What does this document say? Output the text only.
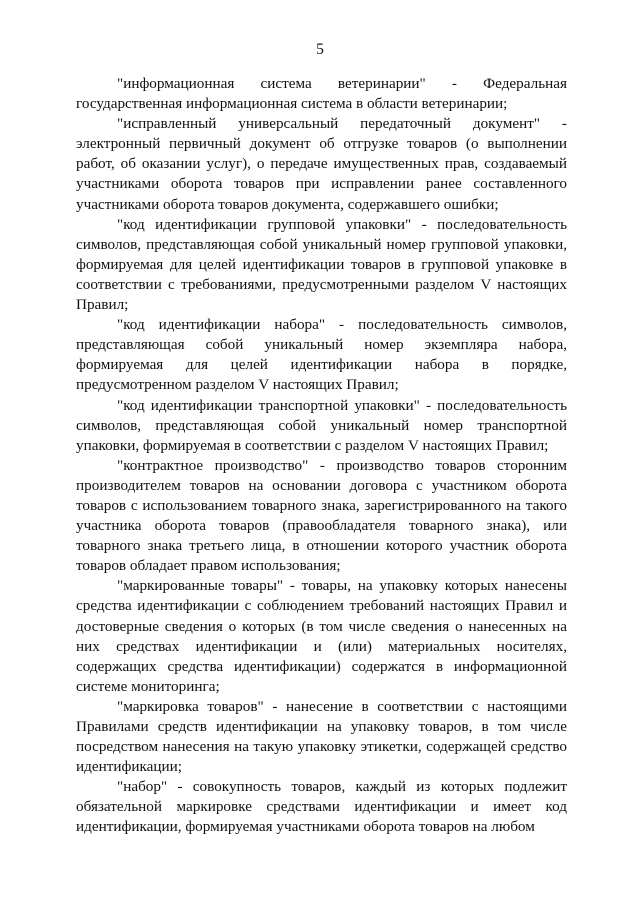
5

"информационная система ветеринарии" - Федеральная государственная информационная система в области ветеринарии;

"исправленный универсальный передаточный документ" - электронный первичный документ об отгрузке товаров (о выполнении работ, об оказании услуг), о передаче имущественных прав, создаваемый участниками оборота товаров при исправлении ранее составленного участниками оборота товаров документа, содержавшего ошибки;

"код идентификации групповой упаковки" - последовательность символов, представляющая собой уникальный номер групповой упаковки, формируемая для целей идентификации товаров в групповой упаковке в соответствии с требованиями, предусмотренными разделом V настоящих Правил;

"код идентификации набора" - последовательность символов, представляющая собой уникальный номер экземпляра набора, формируемая для целей идентификации набора в порядке, предусмотренном разделом V настоящих Правил;

"код идентификации транспортной упаковки" - последовательность символов, представляющая собой уникальный номер транспортной упаковки, формируемая в соответствии с разделом V настоящих Правил;

"контрактное производство" - производство товаров сторонним производителем товаров на основании договора с участником оборота товаров с использованием товарного знака, зарегистрированного на такого участника оборота товаров (правообладателя товарного знака), или товарного знака третьего лица, в отношении которого участник оборота товаров обладает правом использования;

"маркированные товары" - товары, на упаковку которых нанесены средства идентификации с соблюдением требований настоящих Правил и достоверные сведения о которых (в том числе сведения о нанесенных на них средствах идентификации и (или) материальных носителях, содержащих средства идентификации) содержатся в информационной системе мониторинга;

"маркировка товаров" - нанесение в соответствии с настоящими Правилами средств идентификации на упаковку товаров, в том числе посредством нанесения на такую упаковку этикетки, содержащей средство идентификации;

"набор" - совокупность товаров, каждый из которых подлежит обязательной маркировке средствами идентификации и имеет код идентификации, формируемая участниками оборота товаров на любом
